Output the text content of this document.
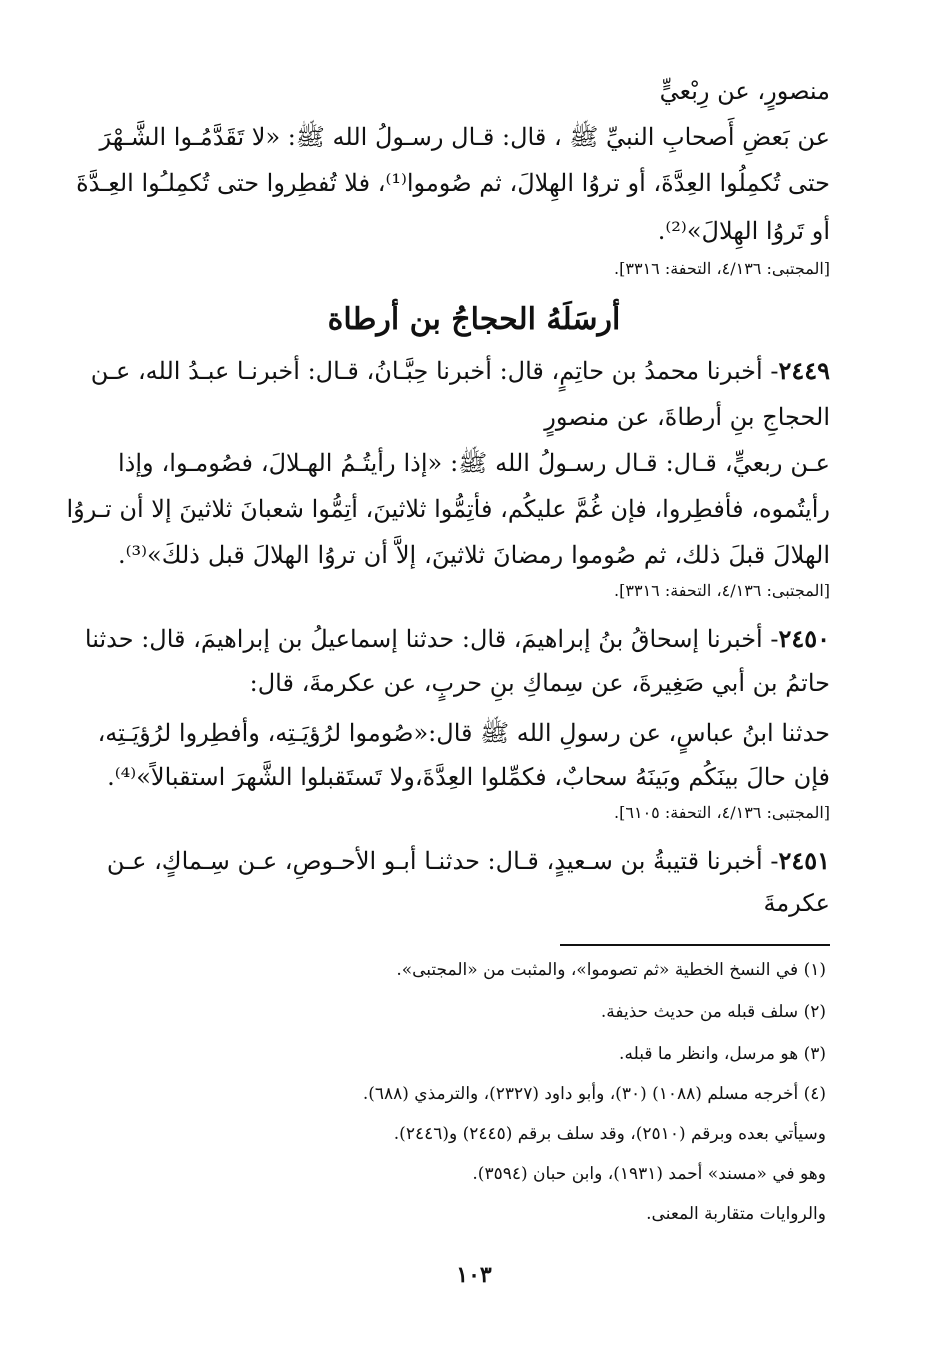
منصورٍ، عن رِبْعيٍّ
عن بَعضِ أَصحابِ النبيِّ ﷺ ، قال: قـال رسـولُ الله ﷺ: «لا تَقَدَّمُـوا الشَّـهْرَ
حتى تُكمِلُوا العِدَّةَ، أو تروُا الهِلالَ، ثم صُوموا⁽¹⁾، فلا تُفطِروا حتى تُكمِلـُوا العِـدَّةَ
أو تَروُا الهِلالَ»⁽²⁾.
[المجتبى: ٤/١٣٦، التحفة: ٣٣١٦].
أرسَلَهُ الحجاجُ بن أرطاة
٢٤٤٩- أخبرنا محمدُ بن حاتِمٍ، قال: أخبرنا حِبَّـانُ، قـال: أخبرنـا عبـدُ الله، عـن
الحجاجِ بنِ أرطاةَ، عن منصورٍ
عـن ربعيٍّ، قـال: قـال رسـولُ الله ﷺ: «إذا رأيتُـمُ الهـلالَ، فصُومـوا، وإذا
رأيتُموه، فأفطِروا، فإن غُمَّ عليكُم، فأتِمُّوا ثلاثينَ، أتِمُّوا شعبانَ ثلاثينَ إلا أن تـروُا
الهلالَ قبلَ ذلك، ثم صُوموا رمضانَ ثلاثينَ، إلاَّ أن تروُا الهلالَ قبل ذلكَ»⁽³⁾.
[المجتبى: ٤/١٣٦، التحفة: ٣٣١٦].
٢٤٥٠- أخبرنا إسحاقُ بنُ إبراهيمَ، قال: حدثنا إسماعيلُ بن إبراهيمَ، قال: حدثنا
حاتمُ بن أبي صَغِيرةَ، عن سِماكِ بنِ حربٍ، عن عكرمةَ، قال:
حدثنا ابنُ عباسٍ، عن رسولِ الله ﷺ قال:«صُوموا لرُؤيَـتِه، وأفطِروا لرُؤيَـتِه،
فإن حالَ بينَكُم وبَينَهُ سحابٌ، فكمِّلوا العِدَّةَ،ولا تَستَقبلوا الشَّهرَ استقبالاً»⁽⁴⁾.
[المجتبى: ٤/١٣٦، التحفة: ٦١٠٥].
٢٤٥١- أخبرنا قتيبةُ بن سـعيدٍ، قـال: حدثنـا أبـو الأحـوصِ، عـن سِـماكٍ، عـن
عكرمةَ
(١) في النسخ الخطية «ثم تصوموا»، والمثبت من «المجتبى».
(٢) سلف قبله من حديث حذيفة.
(٣) هو مرسل، وانظر ما قبله.
(٤) أخرجه مسلم (١٠٨٨) (٣٠)، وأبو داود (٢٣٢٧)، والترمذي (٦٨٨).
وسيأتي بعده وبرقم (٢٥١٠)، وقد سلف برقم (٢٤٤٥) و(٢٤٤٦).
وهو في «مسند» أحمد (١٩٣١)، وابن حبان (٣٥٩٤).
والروايات متقاربة المعنى.
١٠٣
